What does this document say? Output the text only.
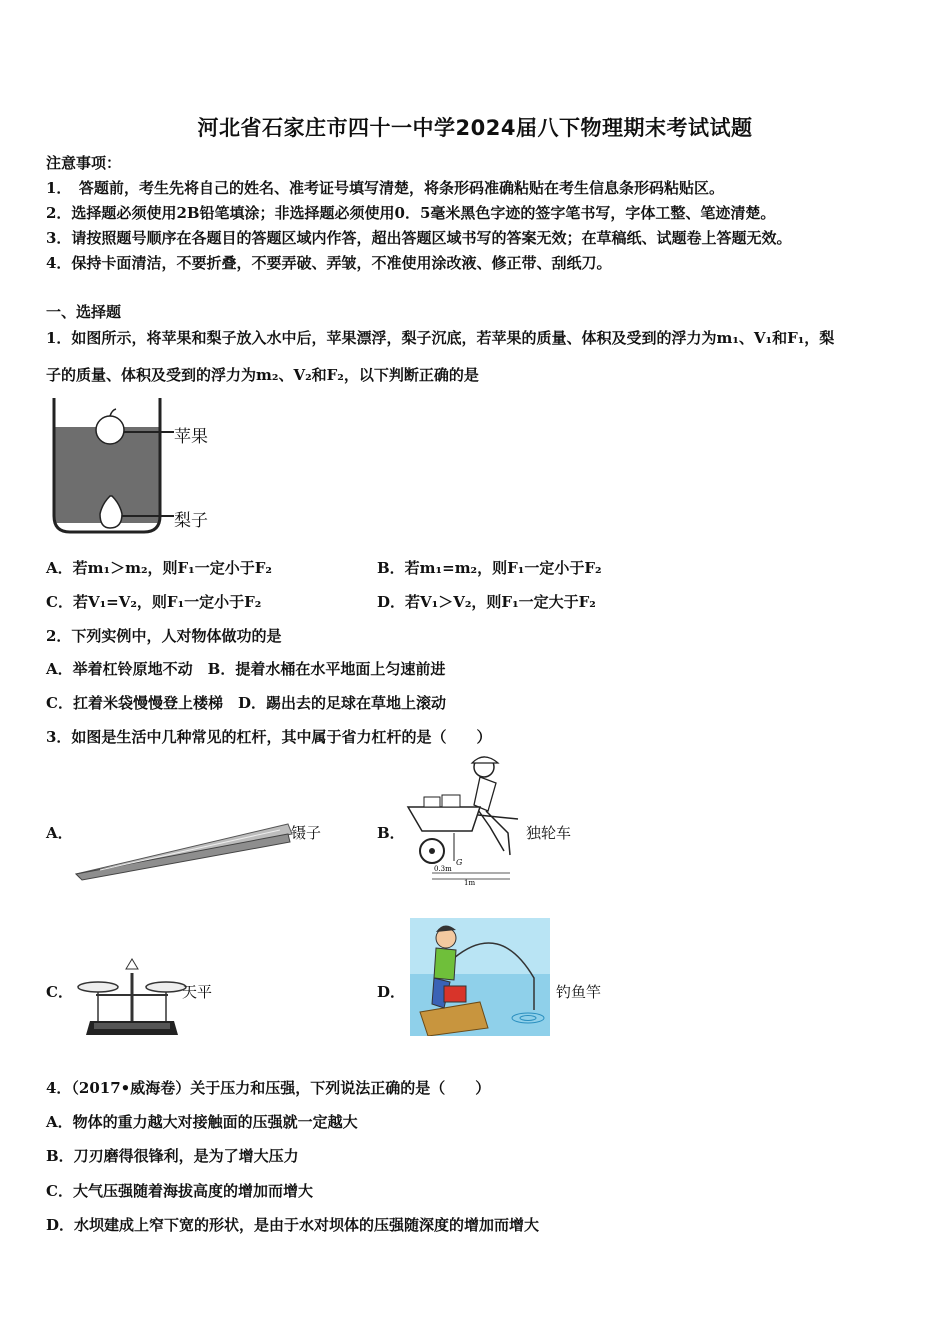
河北省石家庄市四十一中学2024届八下物理期末考试试题
注意事项：
1．　答题前，考生先将自己的姓名、准考证号填写清楚，将条形码准确粘贴在考生信息条形码粘贴区。
2．选择题必须使用2B铅笔填涂；非选择题必须使用0．5毫米黑色字迹的签字笔书写，字体工整、笔迹清楚。
3．请按照题号顺序在各题目的答题区域内作答，超出答题区域书写的答案无效；在草稿纸、试题卷上答题无效。
4．保持卡面清洁，不要折叠，不要弄破、弄皱，不准使用涂改液、修正带、刮纸刀。
一、选择题
1．如图所示，将苹果和梨子放入水中后，苹果漂浮，梨子沉底，若苹果的质量、体积及受到的浮力为m₁、V₁和F₁，梨
子的质量、体积及受到的浮力为m₂、V₂和F₂，以下判断正确的是
苹果
梨子
A．若m₁＞m₂，则F₁一定小于F₂	B．若m₁=m₂，则F₁一定小于F₂
C．若V₁=V₂，则F₁一定小于F₂	D．若V₁＞V₂，则F₁一定大于F₂
2．下列实例中，人对物体做功的是
A．举着杠铃原地不动　B．提着水桶在水平地面上匀速前进
C．扛着米袋慢慢登上楼梯　D．踢出去的足球在草地上滚动
3．如图是生活中几种常见的杠杆，其中属于省力杠杆的是（　　）
A．	镊子	B．
G
0.3m
1m
独轮车
C．	天平	D．	钓鱼竿
4．（2017•威海卷）关于压力和压强，下列说法正确的是（　　）
A．物体的重力越大对接触面的压强就一定越大
B．刀刃磨得很锋利，是为了增大压力
C．大气压强随着海拔高度的增加而增大
D．水坝建成上窄下宽的形状，是由于水对坝体的压强随深度的增加而增大
